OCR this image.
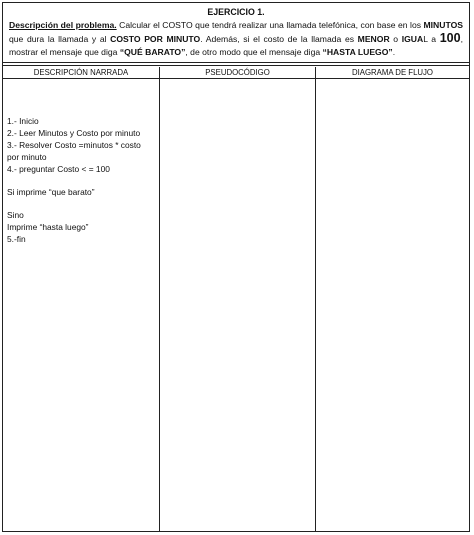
EJERCICIO 1.
Descripción del problema. Calcular el COSTO que tendrá realizar una llamada telefónica, con base en los MINUTOS que dura la llamada y al COSTO POR MINUTO. Además, si el costo de la llamada es MENOR o IGUAL a 100, mostrar el mensaje que diga “QUÉ BARATO”, de otro modo que el mensaje diga “HASTA LUEGO”.
DESCRIPCIÓN NARRADA

1.- Inicio

2.- Leer Minutos y Costo por minuto

3.- Resolver Costo =minutos * costo por minuto

4.- preguntar Costo < = 100

Si imprime “que barato”

Sino

Imprime “hasta luego”

5.-fin

PSEUDOCÓDIGO	DIAGRAMA DE FLUJO
